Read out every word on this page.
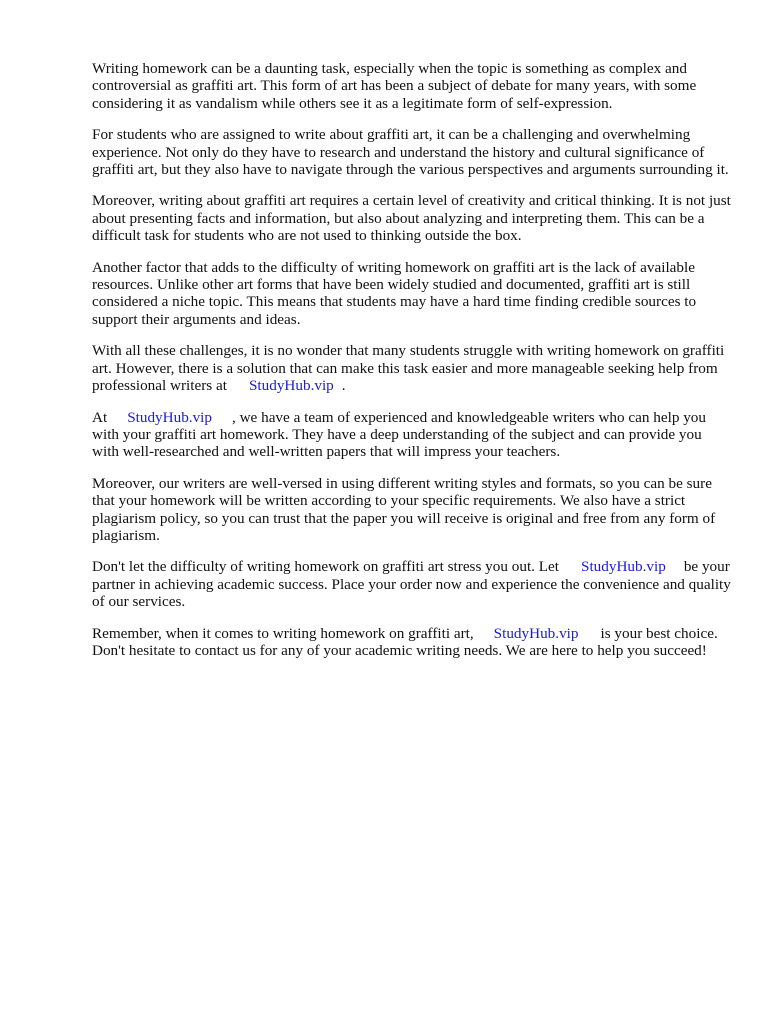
Writing homework can be a daunting task, especially when the topic is something as complex and controversial as graffiti art. This form of art has been a subject of debate for many years, with some considering it as vandalism while others see it as a legitimate form of self-expression.

For students who are assigned to write about graffiti art, it can be a challenging and overwhelming experience. Not only do they have to research and understand the history and cultural significance of graffiti art, but they also have to navigate through the various perspectives and arguments surrounding it.

Moreover, writing about graffiti art requires a certain level of creativity and critical thinking. It is not just about presenting facts and information, but also about analyzing and interpreting them. This can be a difficult task for students who are not used to thinking outside the box.

Another factor that adds to the difficulty of writing homework on graffiti art is the lack of available resources. Unlike other art forms that have been widely studied and documented, graffiti art is still considered a niche topic. This means that students may have a hard time finding credible sources to support their arguments and ideas.

With all these challenges, it is no wonder that many students struggle with writing homework on graffiti art. However, there is a solution that can make this task easier and more manageable seeking help from professional writers at StudyHub.vip .

At StudyHub.vip , we have a team of experienced and knowledgeable writers who can help you with your graffiti art homework. They have a deep understanding of the subject and can provide you with well-researched and well-written papers that will impress your teachers.

Moreover, our writers are well-versed in using different writing styles and formats, so you can be sure that your homework will be written according to your specific requirements. We also have a strict plagiarism policy, so you can trust that the paper you will receive is original and free from any form of plagiarism.

Don't let the difficulty of writing homework on graffiti art stress you out. Let StudyHub.vip be your partner in achieving academic success. Place your order now and experience the convenience and quality of our services.

Remember, when it comes to writing homework on graffiti art, StudyHub.vip is your best choice. Don't hesitate to contact us for any of your academic writing needs. We are here to help you succeed!
